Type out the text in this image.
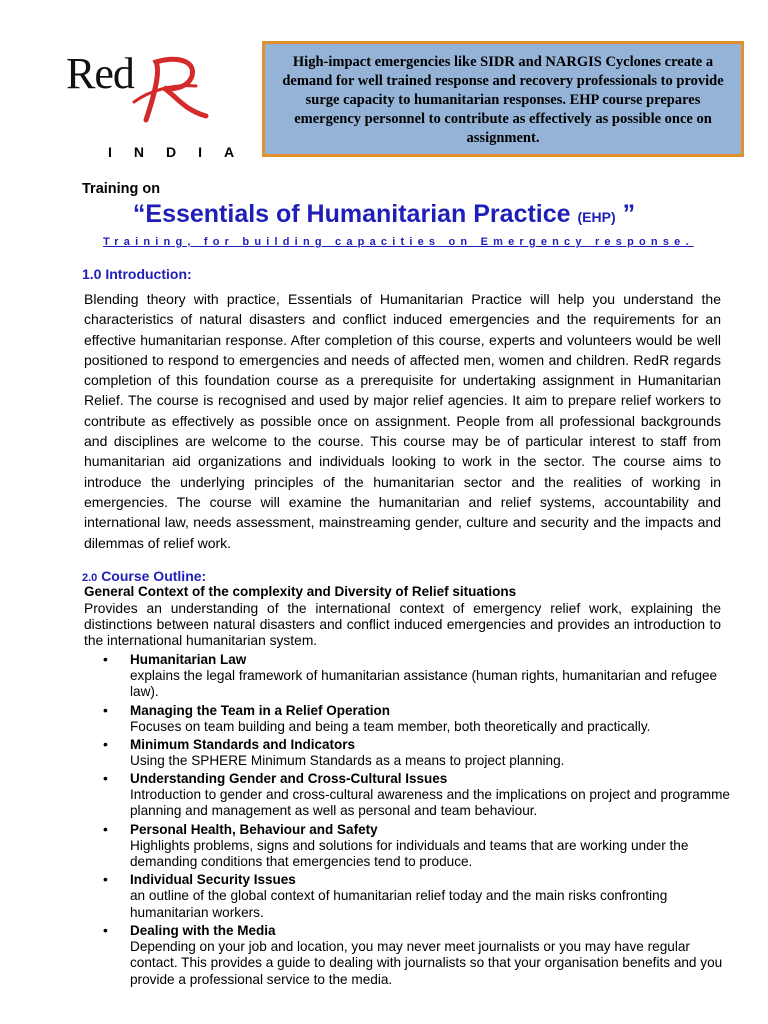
Red
INDIA
High-impact emergencies like SIDR and NARGIS Cyclones create a demand for well trained response and recovery professionals to provide surge capacity to humanitarian responses. EHP course prepares emergency personnel to contribute as effectively as possible once on assignment.
Training on
“Essentials of Humanitarian Practice (EHP) ”
Training, for building capacities on Emergency response.
1.0 Introduction:
Blending theory with practice, Essentials of Humanitarian Practice will help you understand the characteristics of natural disasters and conflict induced emergencies and the requirements for an effective humanitarian response. After completion of this course, experts and volunteers would be well positioned to respond to emergencies and needs of affected men, women and children. RedR regards completion of this foundation course as a prerequisite for undertaking assignment in Humanitarian Relief. The course is recognised and used by major relief agencies. It aim to prepare relief workers to contribute as effectively as possible once on assignment. People from all professional backgrounds and disciplines are welcome to the course. This course may be of particular interest to staff from humanitarian aid organizations and individuals looking to work in the sector. The course aims to introduce the underlying principles of the humanitarian sector and the realities of working in emergencies. The course will examine the humanitarian and relief systems, accountability and international law, needs assessment, mainstreaming gender, culture and security and the impacts and dilemmas of relief work.
2.0 Course Outline:
General Context of the complexity and Diversity of Relief situations
Provides an understanding of the international context of emergency relief work, explaining the distinctions between natural disasters and conflict induced emergencies and provides an introduction to the international humanitarian system.
• Humanitarian Law
explains the legal framework of humanitarian assistance (human rights, humanitarian and refugee law).
• Managing the Team in a Relief Operation
Focuses on team building and being a team member, both theoretically and practically.
• Minimum Standards and Indicators
Using the SPHERE Minimum Standards as a means to project planning.
• Understanding Gender and Cross-Cultural Issues
Introduction to gender and cross-cultural awareness and the implications on project and programme planning and management as well as personal and team behaviour.
• Personal Health, Behaviour and Safety
Highlights problems, signs and solutions for individuals and teams that are working under the demanding conditions that emergencies tend to produce.
• Individual Security Issues
an outline of the global context of humanitarian relief today and the main risks confronting humanitarian workers.
• Dealing with the Media
Depending on your job and location, you may never meet journalists or you may have regular contact. This provides a guide to dealing with journalists so that your organisation benefits and you provide a professional service to the media.
